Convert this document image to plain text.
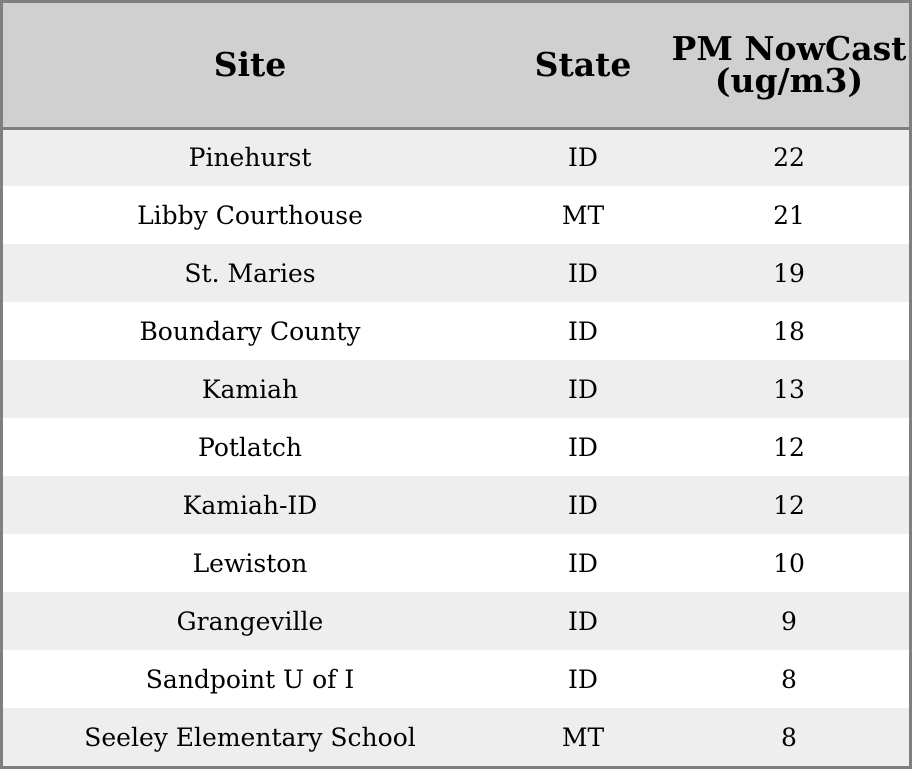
Site	State	PM NowCast (ug/m3)
Pinehurst	ID	22
Libby Courthouse	MT	21
St. Maries	ID	19
Boundary County	ID	18
Kamiah	ID	13
Potlatch	ID	12
Kamiah-ID	ID	12
Lewiston	ID	10
Grangeville	ID	9
Sandpoint U of I	ID	8
Seeley Elementary School	MT	8
